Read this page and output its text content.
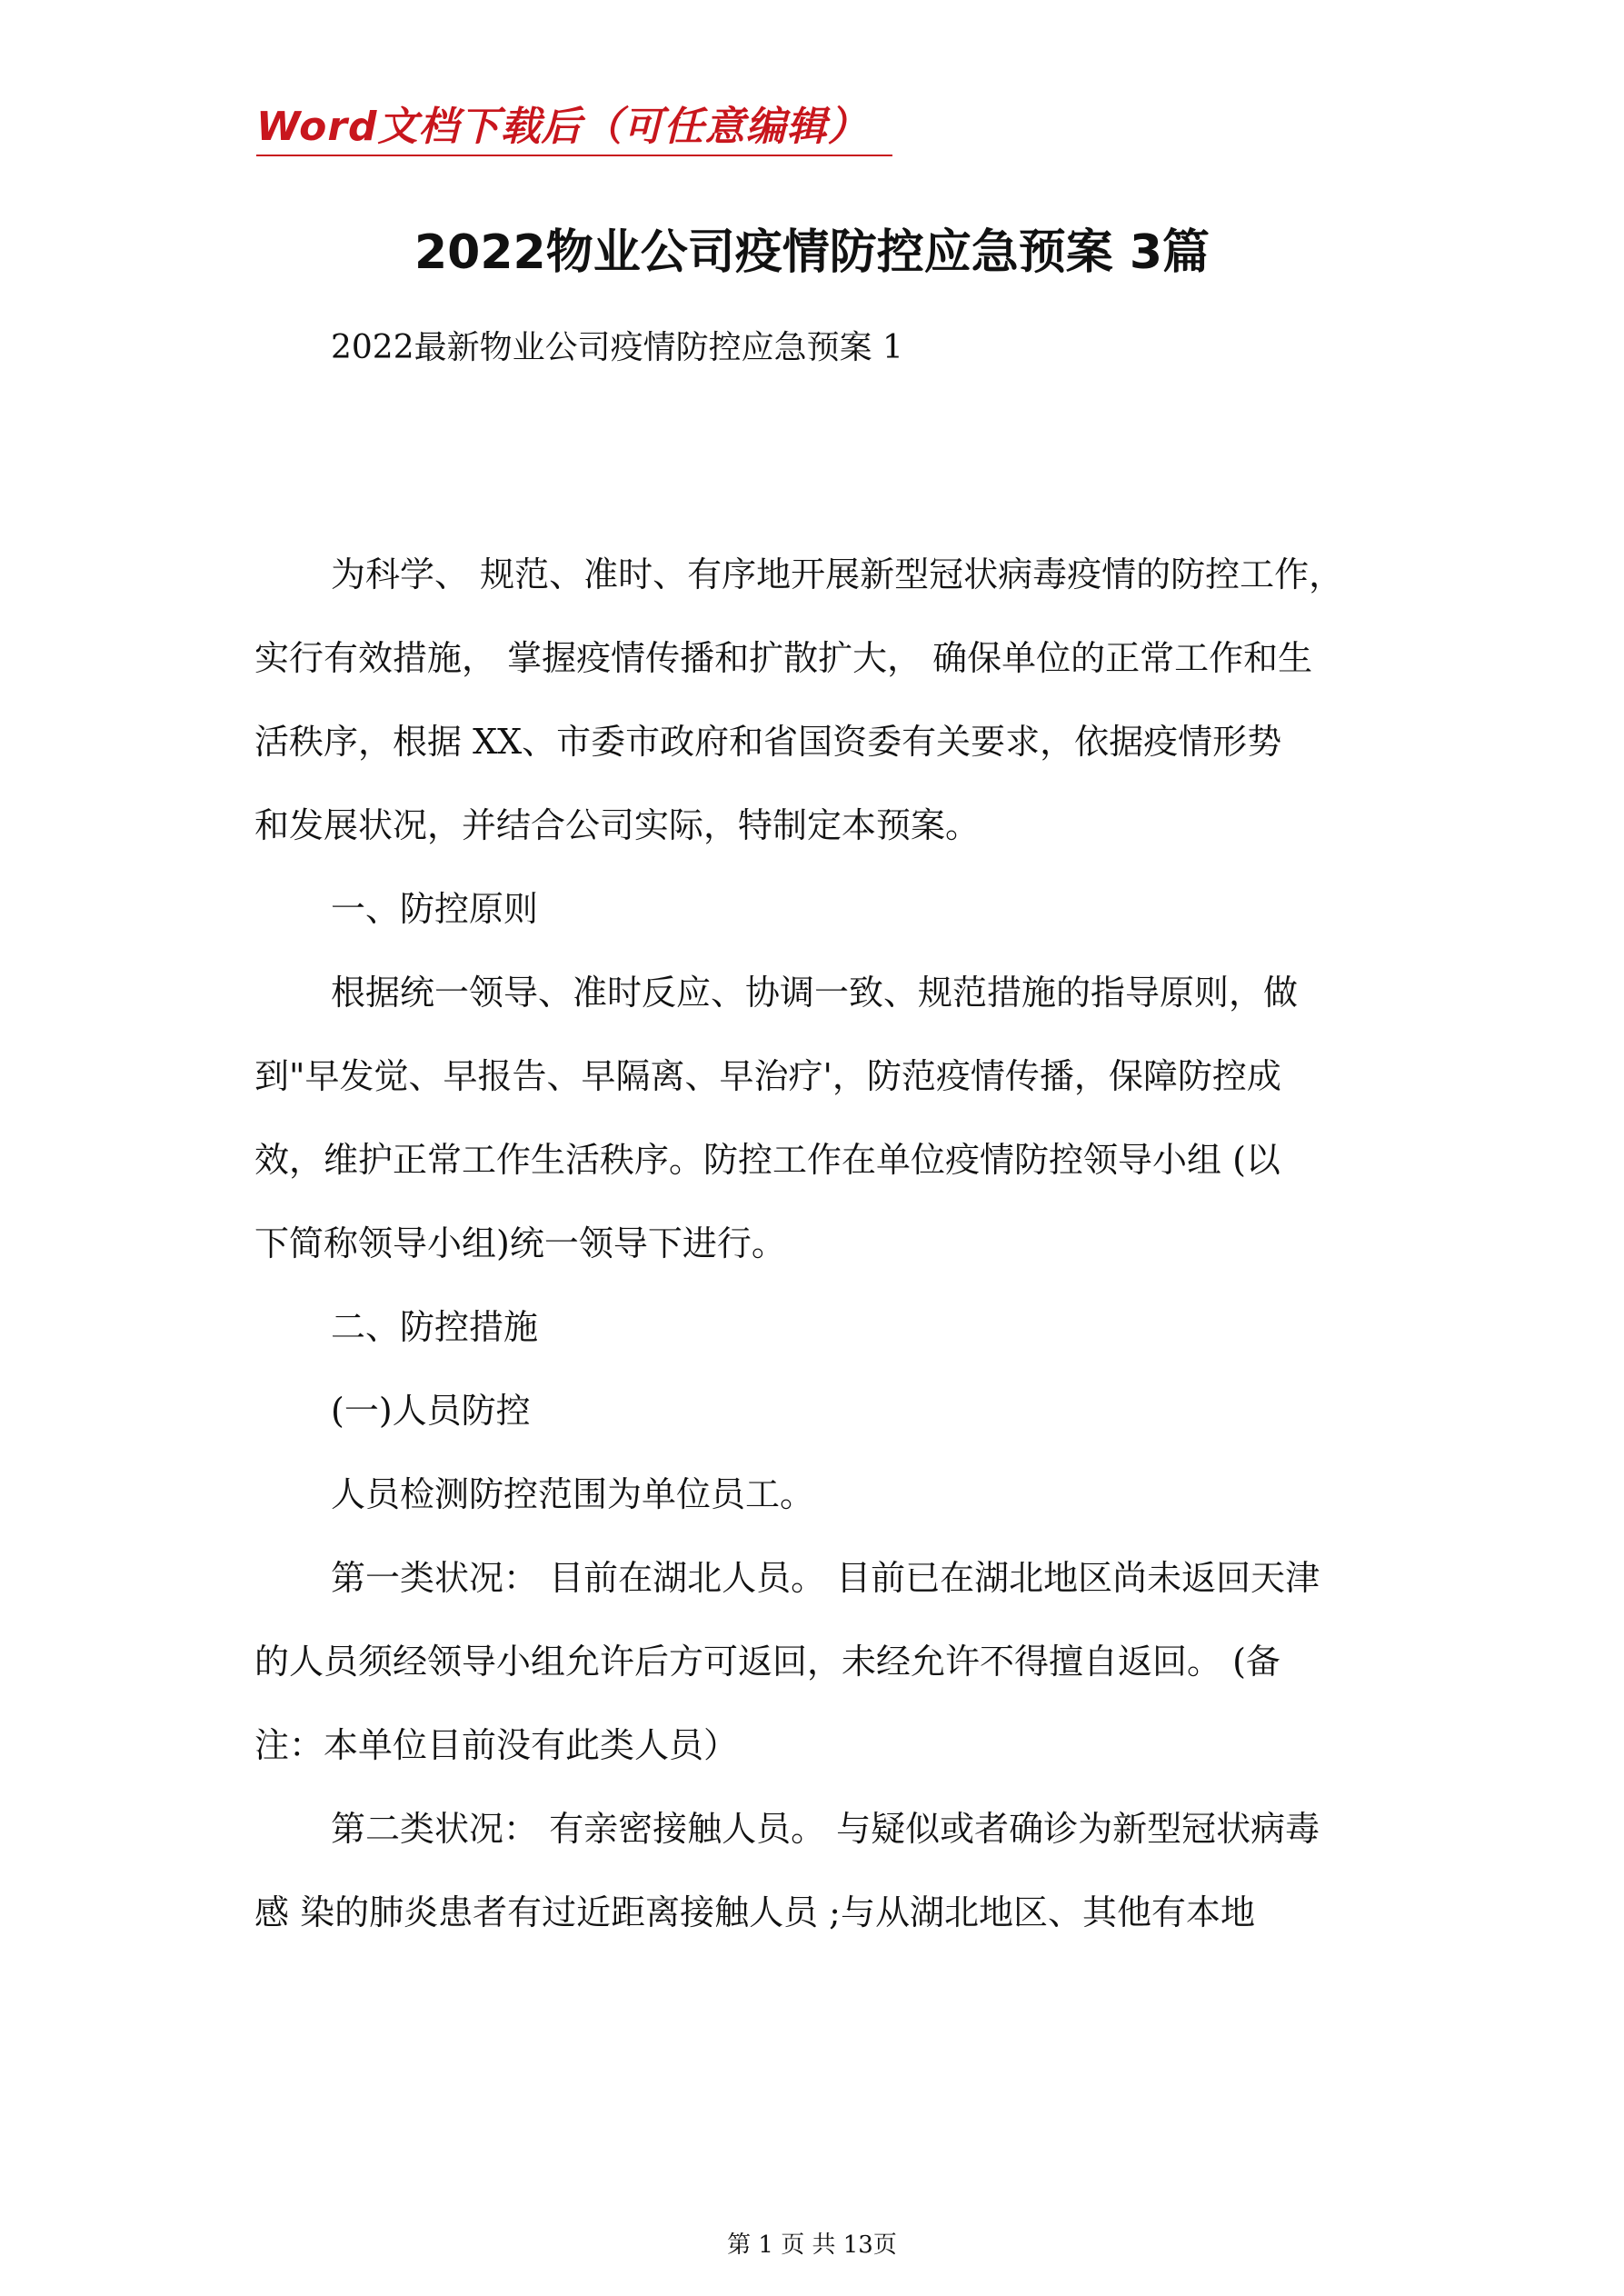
Word文档下载后（可任意编辑）
2022物业公司疫情防控应急预案 3篇
2022最新物业公司疫情防控应急预案 1
为科学、 规范、准时、有序地开展新型冠状病毒疫情的防控工作，
实行有效措施， 掌握疫情传播和扩散扩大， 确保单位的正常工作和生
活秩序，根据 XX、市委市政府和省国资委有关要求，依据疫情形势
和发展状况，并结合公司实际，特制定本预案。
一、防控原则
根据统一领导、准时反应、协调一致、规范措施的指导原则，做
到"早发觉、早报告、早隔离、早治疗'，防范疫情传播，保障防控成
效，维护正常工作生活秩序。防控工作在单位疫情防控领导小组 (以
下简称领导小组)统一领导下进行。
二、防控措施
(一)人员防控
人员检测防控范围为单位员工。
第一类状况： 目前在湖北人员。 目前已在湖北地区尚未返回天津
的人员须经领导小组允许后方可返回，未经允许不得擅自返回。 (备
注：本单位目前没有此类人员）
第二类状况： 有亲密接触人员。 与疑似或者确诊为新型冠状病毒
感 染的肺炎患者有过近距离接触人员 ;与从湖北地区、其他有本地
第 1 页 共 13页
